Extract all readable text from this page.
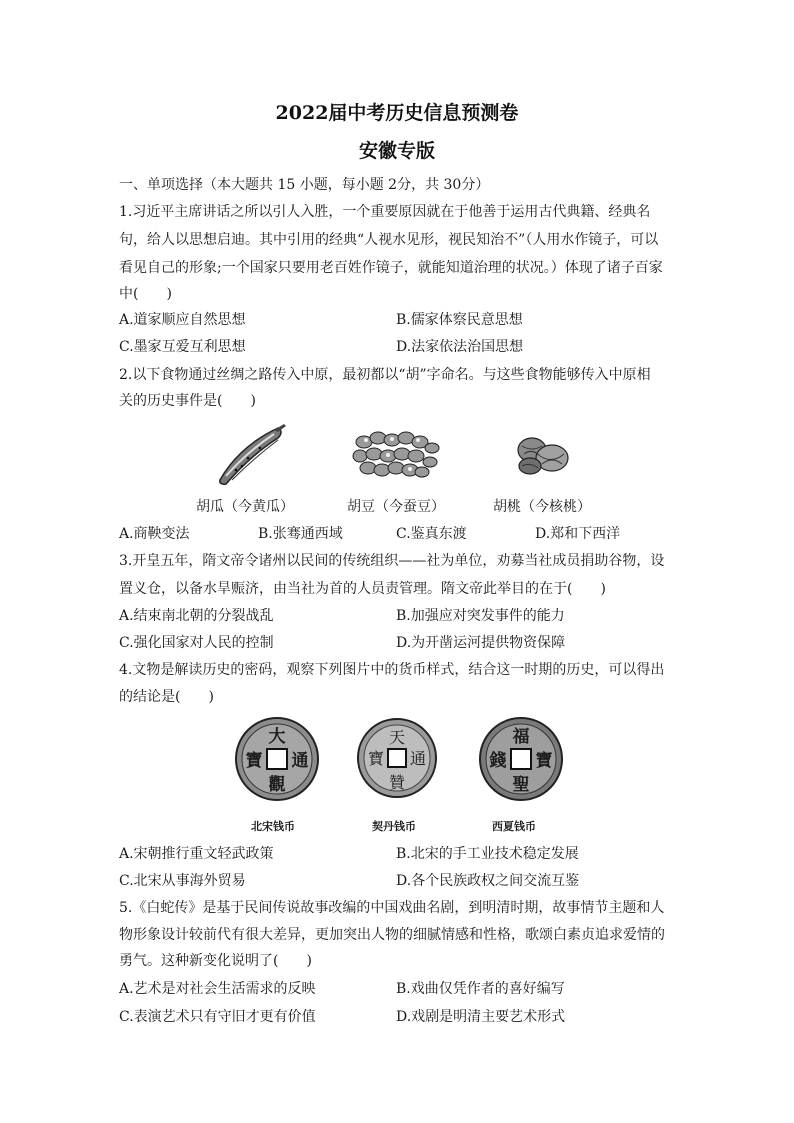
2022届中考历史信息预测卷
安徽专版
一、单项选择（本大题共 15 小题，每小题 2分，共 30分）
1.习近平主席讲话之所以引人入胜，一个重要原因就在于他善于运用古代典籍、经典名
句，给人以思想启迪。其中引用的经典“人视水见形，视民知治不”（人用水作镜子，可以
看见自己的形象;一个国家只要用老百姓作镜子，就能知道治理的状况。）体现了诸子百家
中(　　)
A.道家顺应自然思想	B.儒家体察民意思想
C.墨家互爱互利思想	D.法家依法治国思想
2.以下食物通过丝绸之路传入中原，最初都以“胡”字命名。与这些食物能够传入中原相
关的历史事件是(　　)
胡瓜（今黄瓜）	胡豆（今蚕豆）	胡桃（今核桃）
A.商鞅变法	B.张骞通西域	C.鉴真东渡	D.郑和下西洋
3.开皇五年，隋文帝令诸州以民间的传统组织——社为单位，劝募当社成员捐助谷物，设
置义仓，以备水旱赈济，由当社为首的人员责管理。隋文帝此举目的在于(　　)
A.结束南北朝的分裂战乱	B.加强应对突发事件的能力
C.强化国家对人民的控制	D.为开凿运河提供物资保障
4.文物是解读历史的密码，观察下列图片中的货币样式，结合这一时期的历史，可以得出
的结论是(　　)
大
觀
通
寶
天
贊
通
寶
福
聖
寶
錢
北宋钱币	契丹钱币	西夏钱币
A.宋朝推行重文轻武政策	B.北宋的手工业技术稳定发展
C.北宋从事海外贸易	D.各个民族政权之间交流互鉴
5.《白蛇传》是基于民间传说故事改编的中国戏曲名剧，到明清时期，故事情节主题和人
物形象设计较前代有很大差异，更加突出人物的细腻情感和性格，歌颂白素贞追求爱情的
勇气。这种新变化说明了(　　)
A.艺术是对社会生活需求的反映	B.戏曲仅凭作者的喜好编写
C.表演艺术只有守旧才更有价值	D.戏剧是明清主要艺术形式
